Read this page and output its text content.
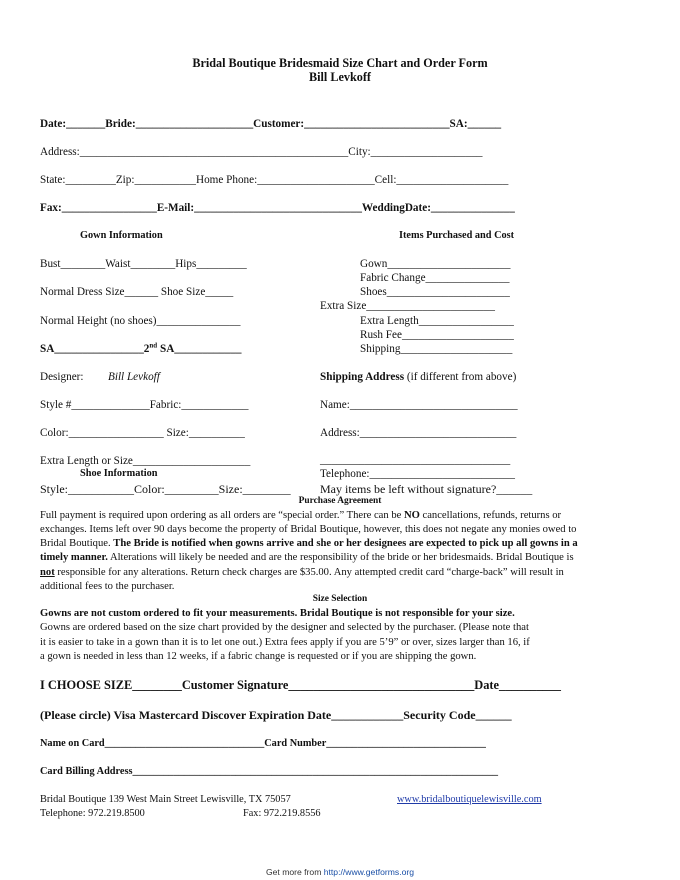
Bridal Boutique Bridesmaid Size Chart and Order Form
Bill Levkoff
Date:_______Bride:_____________________Customer:__________________________SA:______
Address:________________________________________________City:____________________
State:_________Zip:___________Home Phone:_____________________Cell:____________________
Fax:_________________E-Mail:______________________________WeddingDate:_______________
Gown Information	Items Purchased and Cost
Bust________Waist________Hips_________
Normal Dress Size______ Shoe Size_____
Normal Height (no shoes)_______________
SA________________2nd SA____________
Designer: Bill Levkoff
Style #______________Fabric:____________
Color:_________________ Size:__________
Extra Length or Size_____________________
Gown______________________
Fabric Change_______________
Shoes______________________
Extra Size_______________________
Extra Length_________________
Rush Fee____________________
Shipping____________________
Shipping Address (if different from above)
Name:______________________________
Address:____________________________
__________________________________
Telephone:__________________________
May items be left without signature?______
Shoe Information
Style:___________Color:_________Size:________
Purchase Agreement
Full payment is required upon ordering as all orders are “special order.” There can be NO cancellations, refunds, returns or
exchanges. Items left over 90 days become the property of Bridal Boutique, however, this does not negate any monies owed to
Bridal Boutique. The Bride is notified when gowns arrive and she or her designees are expected to pick up all gowns in a
timely manner. Alterations will likely be needed and are the responsibility of the bride or her bridesmaids. Bridal Boutique is
not responsible for any alterations. Return check charges are $35.00. Any attempted credit card “charge-back” will result in
additional fees to the purchaser.
Size Selection
Gowns are not custom ordered to fit your measurements. Bridal Boutique is not responsible for your size.
Gowns are ordered based on the size chart provided by the designer and selected by the purchaser. (Please note that
it is easier to take in a gown than it is to let one out.) Extra fees apply if you are 5’9” or over, sizes larger than 16, if
a gown is needed in less than 12 weeks, if a fabric change is requested or if you are shipping the gown.
I CHOOSE SIZE________Customer Signature______________________________Date__________
(Please circle) Visa Mastercard Discover Expiration Date____________Security Code______
Name on Card_______________________________Card Number_______________________________
Card Billing Address_______________________________________________________________________
Bridal Boutique 139 West Main Street Lewisville, TX 75057	www.bridalboutiquelewisville.com
Telephone: 972.219.8500	Fax: 972.219.8556
Get more from http://www.getforms.org
